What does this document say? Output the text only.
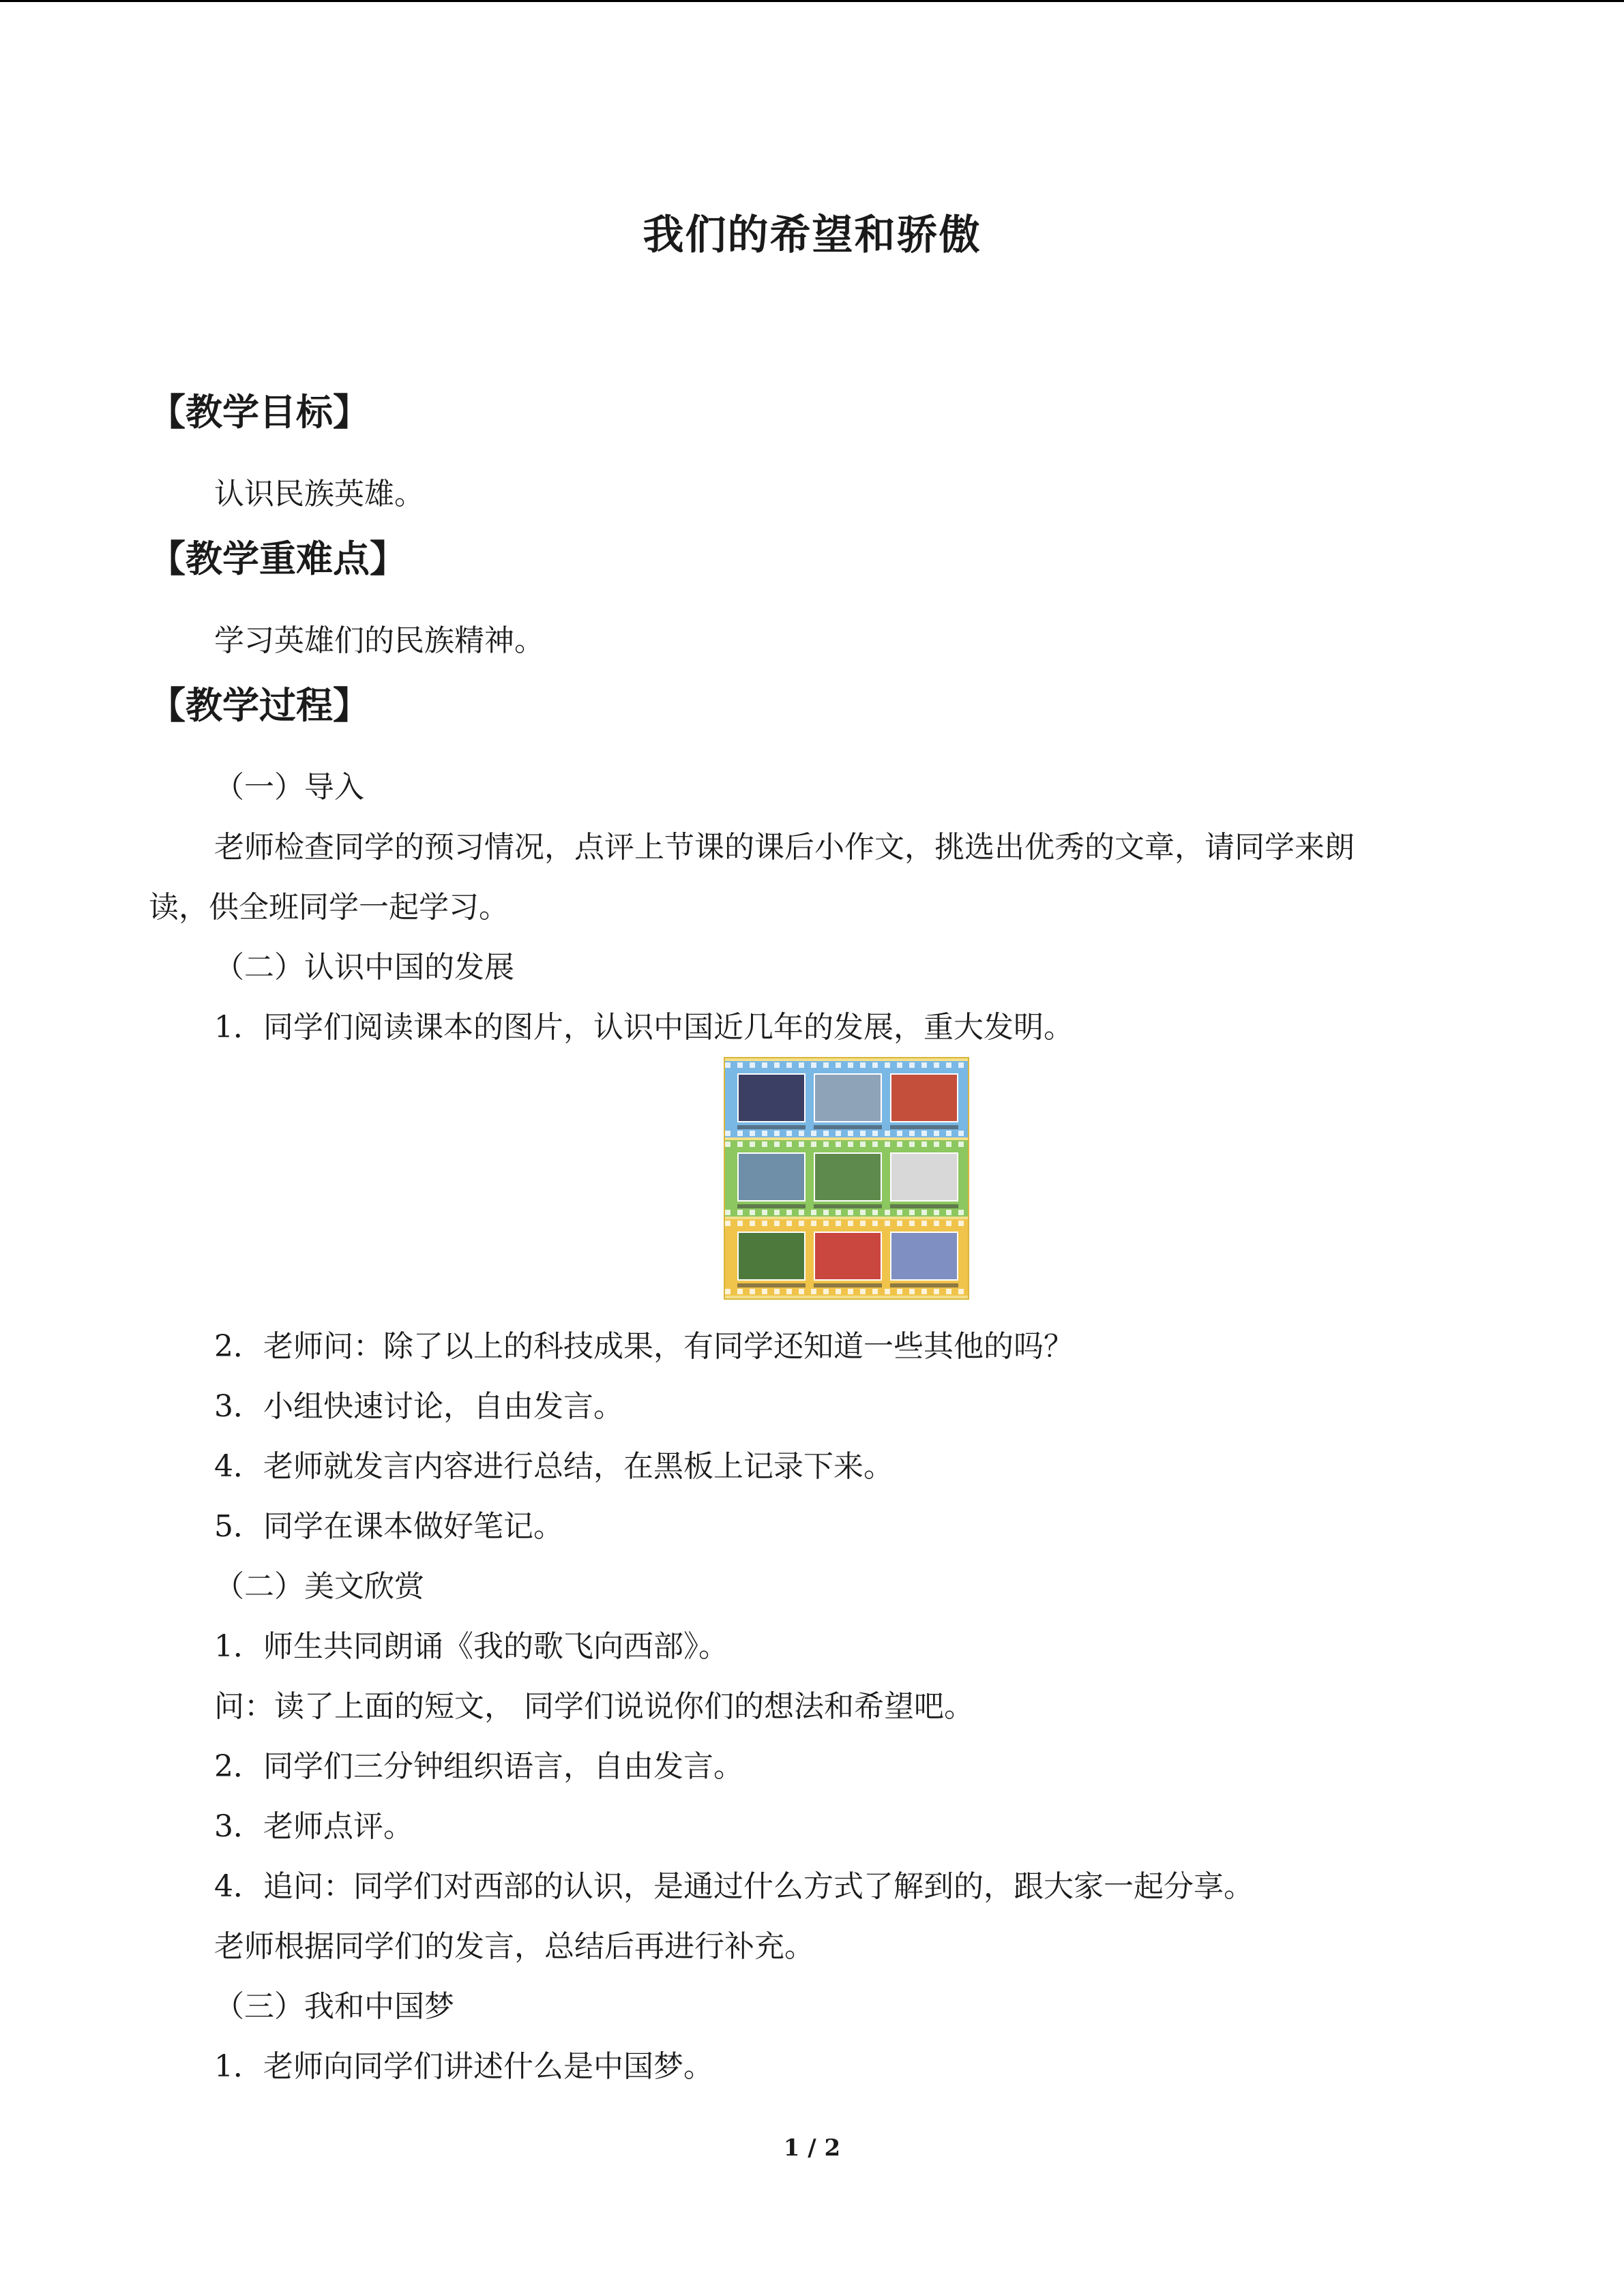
我们的希望和骄傲
【教学目标】
认识民族英雄。
【教学重难点】
学习英雄们的民族精神。
【教学过程】
（一）导入
老师检查同学的预习情况，点评上节课的课后小作文，挑选出优秀的文章，请同学来朗
读，供全班同学一起学习。
（二）认识中国的发展
1．同学们阅读课本的图片，认识中国近几年的发展，重大发明。
2．老师问：除了以上的科技成果，有同学还知道一些其他的吗？
3．小组快速讨论，自由发言。
4．老师就发言内容进行总结，在黑板上记录下来。
5．同学在课本做好笔记。
（二）美文欣赏
1．师生共同朗诵《我的歌飞向西部》。
问：读了上面的短文， 同学们说说你们的想法和希望吧。
2．同学们三分钟组织语言，自由发言。
3．老师点评。
4．追问：同学们对西部的认识，是通过什么方式了解到的，跟大家一起分享。
老师根据同学们的发言，总结后再进行补充。
（三）我和中国梦
1．老师向同学们讲述什么是中国梦。
1 / 2
